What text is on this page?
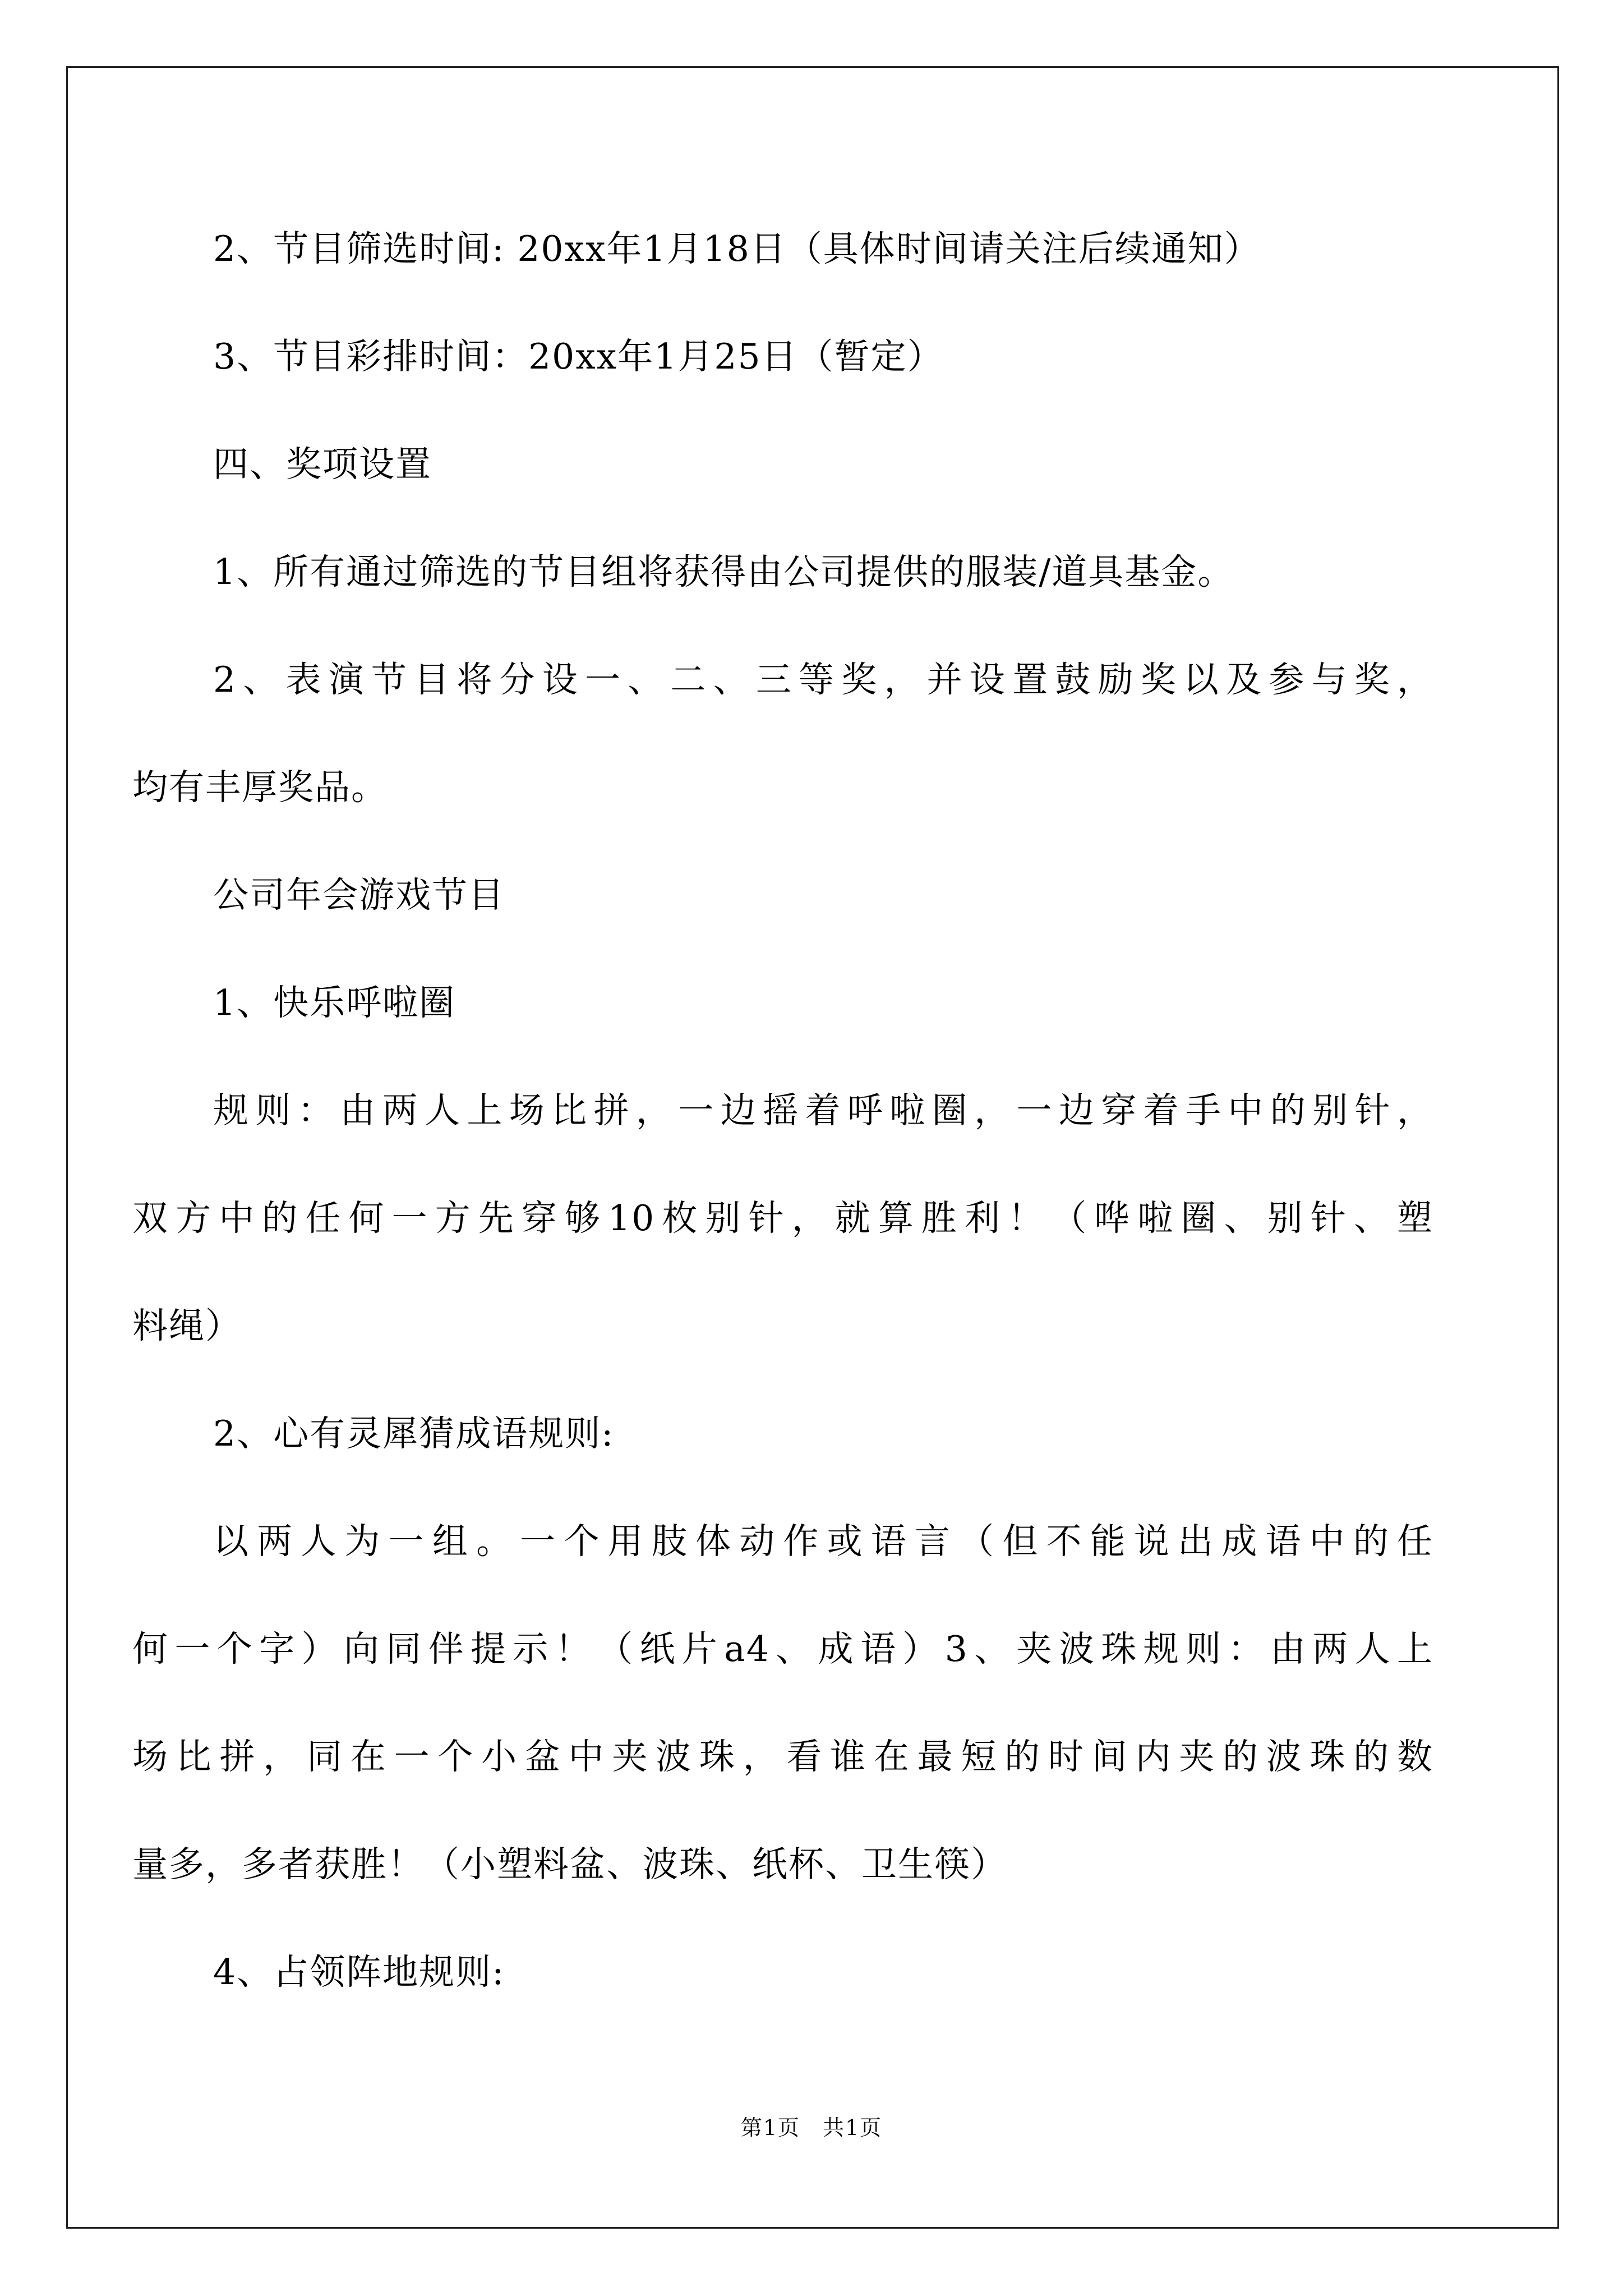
2、节目筛选时间: 20xx年1月18日（具体时间请关注后续通知）
3、节目彩排时间：20xx年1月25日（暂定）
四、奖项设置
1、所有通过筛选的节目组将获得由公司提供的服装/道具基金。
2、表演节目将分设一、二、三等奖，并设置鼓励奖以及参与奖，
均有丰厚奖品。
公司年会游戏节目
1、快乐呼啦圈
规则：由两人上场比拼，一边摇着呼啦圈，一边穿着手中的别针，
双方中的任何一方先穿够10枚别针，就算胜利！（哗啦圈、别针、塑
料绳）
2、心有灵犀猜成语规则:
以两人为一组。一个用肢体动作或语言（但不能说出成语中的任
何一个字）向同伴提示！（纸片a4、成语）3、夹波珠规则：由两人上
场比拼，同在一个小盆中夹波珠，看谁在最短的时间内夹的波珠的数
量多，多者获胜！（小塑料盆、波珠、纸杯、卫生筷）
4、占领阵地规则:
第1页　共1页
